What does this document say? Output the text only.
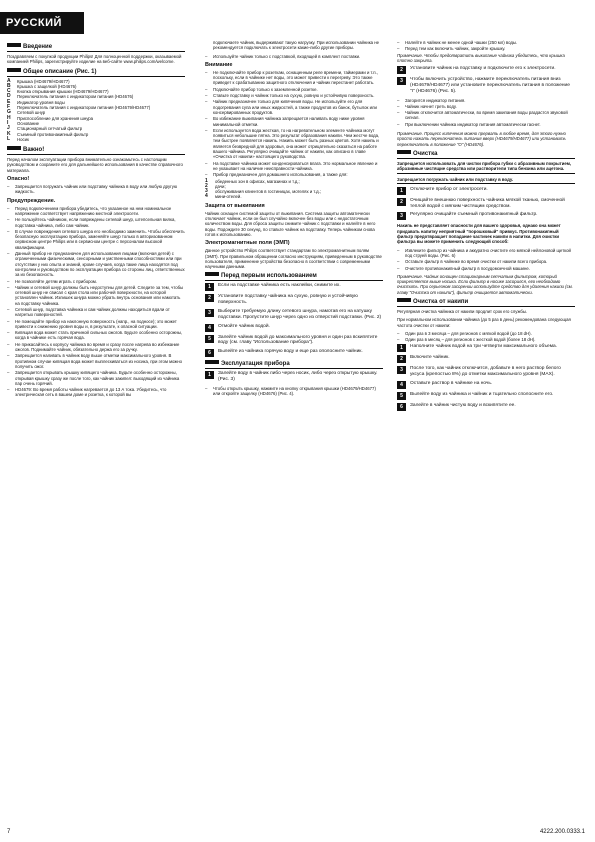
РУССКИЙ
Введение
Поздравляем с покупкой продукции Philips! Для полноценной поддержки, оказываемой компанией Philips, зарегистрируйте изделие на веб-сайте www.philips.com/welcome.
Общее описание (Рис. 1)
A	Крышка (HD4679/HD4677)
B	Крышка с защелкой (HD4676)
C	Кнопка открывания крышки (HD4679/HD4677)
D	Переключатель питания с индикатором питания (HD4676)
E	Индикатор уровня воды
F	Переключатель питания с индикатором питания (HD4679/HD4677)
G	Сетевой шнур
H	Приспособление для хранения шнура
I	Основание
J	Стационарный сетчатый фильтр
K	Съемный противонакипный фильтр
L	Носик
Важно!
Перед началом эксплуатации прибора внимательно ознакомьтесь с настоящим руководством и сохраните его для дальнейшего использования в качестве справочного материала.
Опасно!
–	Запрещается погружать чайник или подставку чайника в воду или любую другую жидкость.
Предупреждение.
–	Перед подключением прибора убедитесь, что указанное на нем номинальное напряжение соответствует напряжению местной электросети.
–	Не пользуйтесь чайником, если повреждены сетевой шнур, штепсельная вилка, подставка чайника, либо сам чайник.
–	В случае повреждения сетевого шнура его необходимо заменить. Чтобы обеспечить безопасную эксплуатацию прибора, заменяйте шнур только в авторизованном сервисном центре Philips или в сервисном центре с персоналом высокой квалификации.
–	Данный прибор не предназначен для использования лицами (включая детей) с ограниченными физическими, сенсорными и умственными способностями или при отсутствии у них опыта и знаний, кроме случаев, когда такие лица находятся под контролем и руководством по эксплуатации прибора со стороны лиц, ответственных за их безопасность.
–	Не позволяйте детям играть с прибором.
–	Чайник и сетевой шнур должны быть недоступны для детей. Следите за тем, чтобы сетевой шнур не свисал с края стола или рабочей поверхности, на которой установлен чайник. Излишек шнура можно убрать внутрь основания или намотать на подставку чайника.
–	Сетевой шнур, подставка чайника и сам чайник должны находиться вдали от нагретых поверхностей.
–	Не помещайте прибор на наклонную поверхность (напр., на подносе); это может привести к снижению уровня воды и, в результате, к опасной ситуации.
–	Кипящая вода может стать причиной сильных ожогов. Будьте особенно осторожны, когда в чайнике есть горячая вода.
–	Не прикасайтесь к корпусу чайника во время и сразу после нагрева во избежание ожогов. Поднимайте чайник, обязательно держа его за ручку.
–	Запрещается наливать в чайник воду выше отметки максимального уровня. В противном случае кипящая вода может выплескиваться из носика, при этом можно получить ожог.
–	Запрещается открывать крышку кипящего чайника. Будьте особенно осторожны, открывая крышку сразу же после того, как чайник закипел: выходящий из чайника пар очень горячий.
–	HD4679: Во время работы чайник нагревается до 13 А тока. Убедитесь, что электрическая сеть в вашем доме и розетка, к которой вы
подключаете чайник, выдерживают такую нагрузку. При использовании чайника не рекомендуется подключать к электросети какие-либо другие приборы.
–	Используйте чайник только с подставкой, входящей в комплект поставки.
Внимание
–	Не подключайте прибор к розеткам, оснащенным реле времени, таймерами и т.п., поскольку, если в чайнике нет воды, это может привести к перегреву. Это также приведет к срабатыванию защитного отключения и чайник перестанет работать.
–	Подключайте прибор только к заземленной розетке.
–	Ставьте подставку и чайник только на сухую, ровную и устойчивую поверхность.
–	Чайник предназначен только для кипячения воды. Не используйте его для подогревания супа или иных жидкостей, а также продуктов из банок, бутылок или консервированных продуктов.
–	Во избежание выкипания чайника запрещается наливать воду ниже уровня минимальной отметки.
–	Если используется вода жесткая, то на нагревательном элементе чайника могут появиться небольшие пятна. Это результат образования накипи. Чем жестче вода, тем быстрее появляется накипь. Накипь может быть разных цветов. Хотя накипь и является безвредной для здоровья, она может отрицательно сказаться на работе вашего чайника. Регулярно очищайте чайник от накипи, как описано в главе «Очистка от накипи» настоящего руководства.
–	На подставке чайника может конденсироваться влага. Это нормальное явление и не указывает на наличие неисправности чайника.
–	Прибор предназначен для домашнего использования, а также для:
1	обеденных зон в офисах, магазинах и т.д.;
2	дачи;
3	обслуживания клиентов в гостиницах, мотелях и т.д.;
4	мини-отелей.
Защита от выкипания
Чайник оснащен системой защиты от выкипания. Система защиты автоматически отключает чайник, если он был случайно включен без воды или с недостаточным количеством воды. Для сброса защиты снимите чайник с подставки и налейте в него воды. Подождите 30 секунд, по ставьте чайник на подставку. Теперь чайником снова готов к использованию.
Электромагнитные поля (ЭМП)
Данное устройство Philips соответствует стандартам по электромагнитным полям (ЭМП). При правильном обращении согласно инструкциям, приведенным в руководстве пользователя, применение устройства безопасно в соответствии с современными научными данными.
Перед первым использованием
1	Если на подставке чайника есть наклейки, снимите их.
2	Установите подставку чайника на сухую, ровную и устойчивую поверхность.
3	Выберите требуемую длину сетевого шнура, намотав его на катушку подставки. Пропустите шнур через одно из отверстий подставки. (Рис. 2)
4	Отмойте чайник водой.
5	Залейте чайник водой до максимального уровня и один раз вскипятите воду (см. главу "Использование прибора").
6	Вылейте из чайника горячую воду и еще раз ополосните чайник.
Эксплуатация прибора
1	Залейте воду в чайник либо через носик, либо через открытую крышку. (Рис. 3)
–	Чтобы открыть крышку, нажмите на кнопку открывания крышки (HD4679/HD4677) или откройте защелку (HD4676) (Рис. 4).
–	Налейте в чайник не менее одной чашки (250 мл) воды.
–	Перед тем как включить чайник, закройте крышку.
Примечание. Чтобы предотвратить выкипание чайника убедитесь, что крышка плотно закрыта.
2	Установите чайник на подставку и подключите его к электросети.
3	Чтобы включить устройство, нажмите переключатель питания вниз (HD4679/HD4677) или установите переключатель питания в положение "I" (HD4676) (Рис. 5).
–	Загорится индикатор питания.
–	Чайник начнет греть воду.
–	Чайник отключится автоматически, во время закипания воды раздастся звуковой сигнал.
–	При выключении чайника индикатор питания автоматически гаснет.
Примечание. Процесс кипячения можно прервать в любое время, для этого нужно просто нажать переключатель питания вверх (HD4679/HD4677) или установить переключатель в положение "O" (HD4676).
Очистка
Запрещается использовать для чистки прибора губки с абразивным покрытием, абразивные чистящие средства или растворители типа бензина или ацетона.
Запрещается погружать чайник или подставку в воду.
1	Отключите прибор от электросети.
2	Очищайте внешнюю поверхность чайника мягкой тканью, смоченной теплой водой с мягким чистящим средством.
3	Регулярно очищайте съемный противонакипный фильтр.
Накипь не представляет опасности для вашего здоровья, однако она может придавать напитку неприятный "порошковый" привкус. Противонакипный фильтр предотвращает попадание частичек накипи в напитки. Для очистки фильтра вы можете применить следующий способ:
–	Извлеките фильтр из чайника и аккуратно очистите его мягкой нейлоновой щеткой под струей воды. (Рис. 6)
–	Оставьте фильтр в чайнике во время очистки от накипи всего прибора.
–	Очистите противонакипный фильтр в посудомоечной машине.
Примечание. Чайник оснащен стационарным сетчатым фильтром, который прикрепляется выше носика. Если фильтр в носике засорился, его необходимо очистить. При серьезном засорении используйте средство для удаления накипи (см. главу "Очистка от накипи"), фильтр очищается автоматически.
Очистка от накипи
Регулярная очистка чайника от накипи продлит срок его службы.
При нормальном использовании чайника (до 5 раз в день) рекомендована следующая частота очистки от накипи:
–	Один раз в 3 месяца – для регионов с мягкой водой (до 18 dH).
–	Один раз в месяц – для регионов с жесткой водой (более 18 dH).
1	Наполните чайник водой на три четверти максимального объема.
2	Включите чайник.
3	После того, как чайник отключится, добавьте в него раствор белого уксуса (крепостью 8%) до отметки максимального уровня (MAX).
4	Оставьте раствор в чайнике на ночь.
5	Вылейте воду из чайника и чайник и тщательно сполосните его.
6	Залейте в чайник чистую воду и вскипятите ее.
7	4222.200.0333.1
